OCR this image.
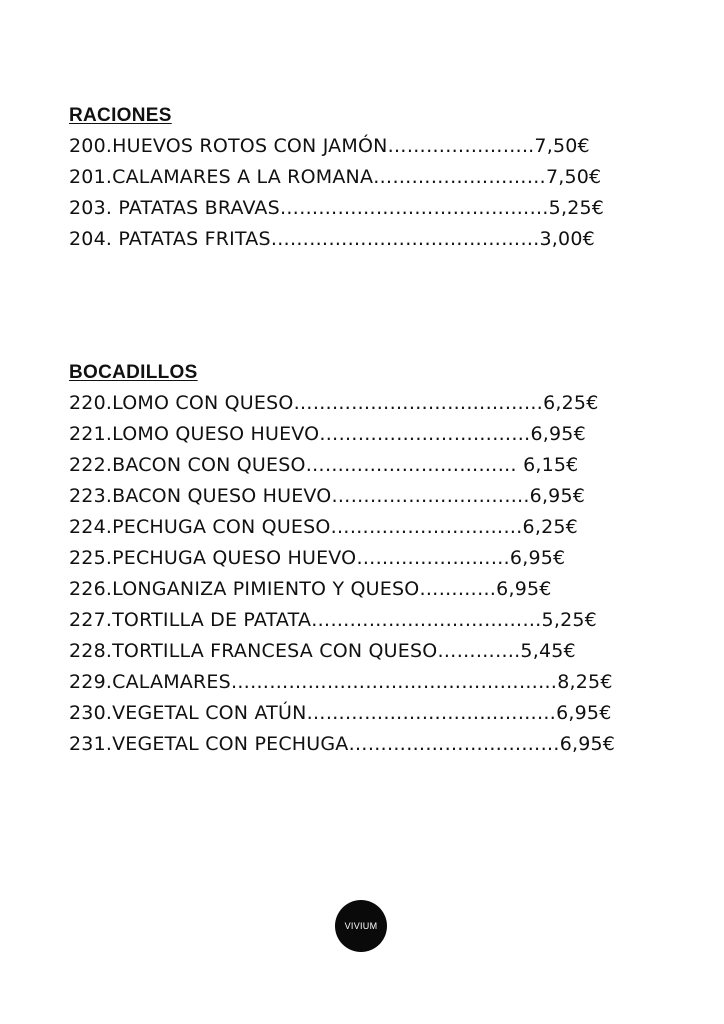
RACIONES
200.HUEVOS ROTOS CON JAMÓN…………………..7,50€
201.CALAMARES A LA ROMANA………………………7,50€
203. PATATAS BRAVAS……………………………………5,25€
204. PATATAS FRITAS……………………………………3,00€
BOCADILLOS
220.LOMO CON QUESO…………………………………6,25€
221.LOMO QUESO HUEVO……………………………6,95€
222.BACON CON QUESO…………………………… 6,15€
223.BACON QUESO HUEVO………………………….6,95€
224.PECHUGA CON QUESO…………………………6,25€
225.PECHUGA QUESO HUEVO……………………6,95€
226.LONGANIZA PIMIENTO Y QUESO…………6,95€
227.TORTILLA DE PATATA………………………………5,25€
228.TORTILLA FRANCESA CON QUESO………….5,45€
229.CALAMARES……………………………………………8,25€
230.VEGETAL CON ATÚN…………………………………6,95€
231.VEGETAL CON PECHUGA……………………………6,95€
VIVIUM
